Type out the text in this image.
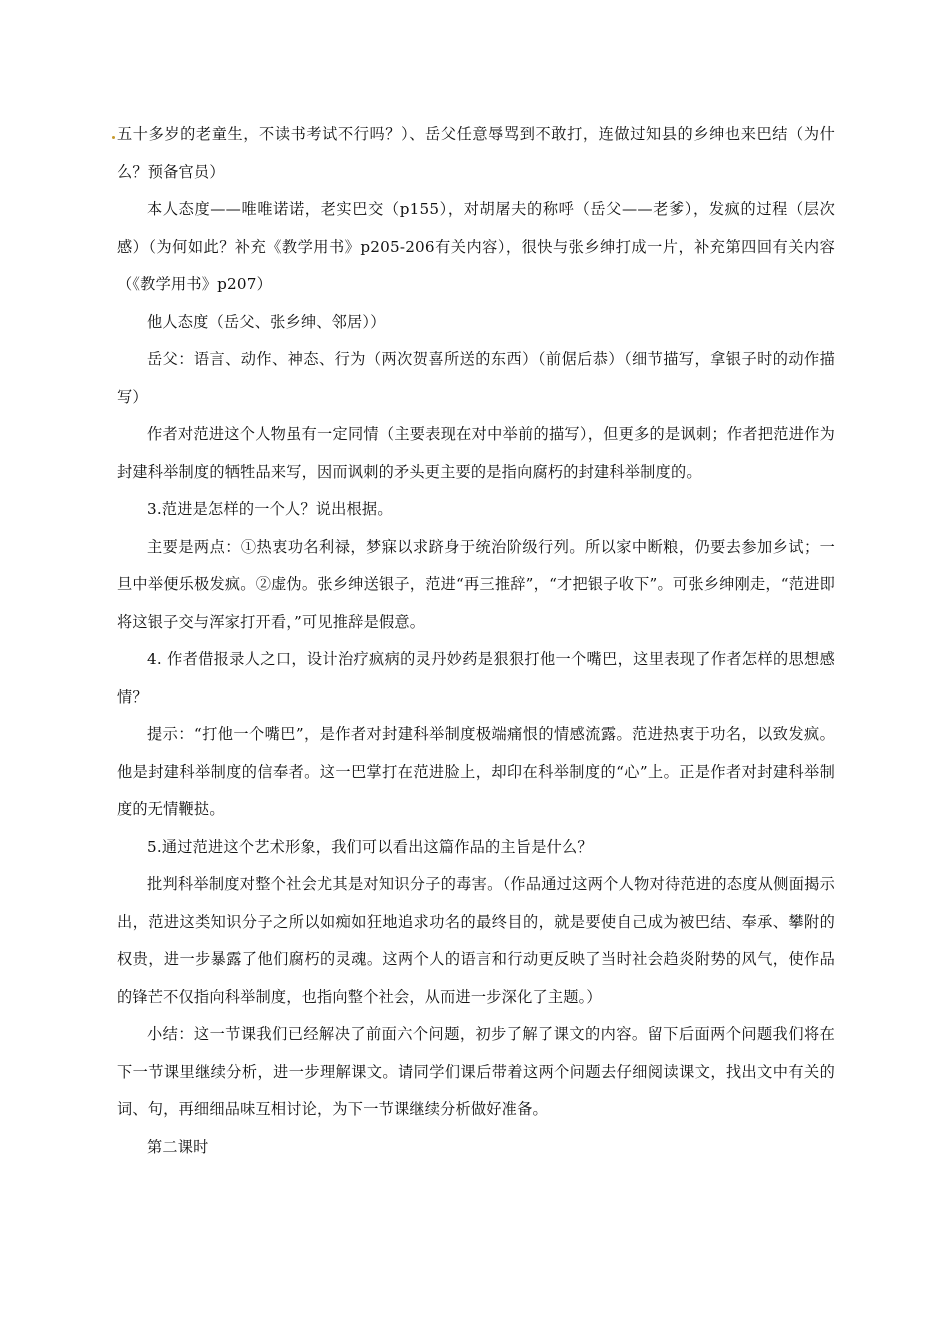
五十多岁的老童生，不读书考试不行吗？）、岳父任意辱骂到不敢打，连做过知县的乡绅也来巴结（为什么？预备官员）

本人态度——唯唯诺诺，老实巴交（p155），对胡屠夫的称呼（岳父——老爹），发疯的过程（层次感）（为何如此？补充《教学用书》p205-206有关内容），很快与张乡绅打成一片，补充第四回有关内容（《教学用书》p207）

他人态度（岳父、张乡绅、邻居））

岳父：语言、动作、神态、行为（两次贺喜所送的东西）（前倨后恭）（细节描写，拿银子时的动作描写）

作者对范进这个人物虽有一定同情（主要表现在对中举前的描写），但更多的是讽刺；作者把范进作为封建科举制度的牺牲品来写，因而讽刺的矛头更主要的是指向腐朽的封建科举制度的。

3.范进是怎样的一个人？说出根据。

主要是两点：①热衷功名利禄，梦寐以求跻身于统治阶级行列。所以家中断粮，仍要去参加乡试；一旦中举便乐极发疯。②虚伪。张乡绅送银子，范进“再三推辞”，“才把银子收下”。可张乡绅刚走，“范进即将这银子交与浑家打开看，”可见推辞是假意。

4. 作者借报录人之口，设计治疗疯病的灵丹妙药是狠狠打他一个嘴巴，这里表现了作者怎样的思想感情？

提示：“打他一个嘴巴”，是作者对封建科举制度极端痛恨的情感流露。范进热衷于功名，以致发疯。他是封建科举制度的信奉者。这一巴掌打在范进脸上，却印在科举制度的“心”上。正是作者对封建科举制度的无情鞭挞。

5.通过范进这个艺术形象，我们可以看出这篇作品的主旨是什么？

批判科举制度对整个社会尤其是对知识分子的毒害。（作品通过这两个人物对待范进的态度从侧面揭示出，范进这类知识分子之所以如痴如狂地追求功名的最终目的，就是要使自己成为被巴结、奉承、攀附的权贵，进一步暴露了他们腐朽的灵魂。这两个人的语言和行动更反映了当时社会趋炎附势的风气，使作品的锋芒不仅指向科举制度，也指向整个社会，从而进一步深化了主题。）

小结：这一节课我们已经解决了前面六个问题，初步了解了课文的内容。留下后面两个问题我们将在下一节课里继续分析，进一步理解课文。请同学们课后带着这两个问题去仔细阅读课文，找出文中有关的词、句，再细细品味互相讨论，为下一节课继续分析做好准备。

第二课时
